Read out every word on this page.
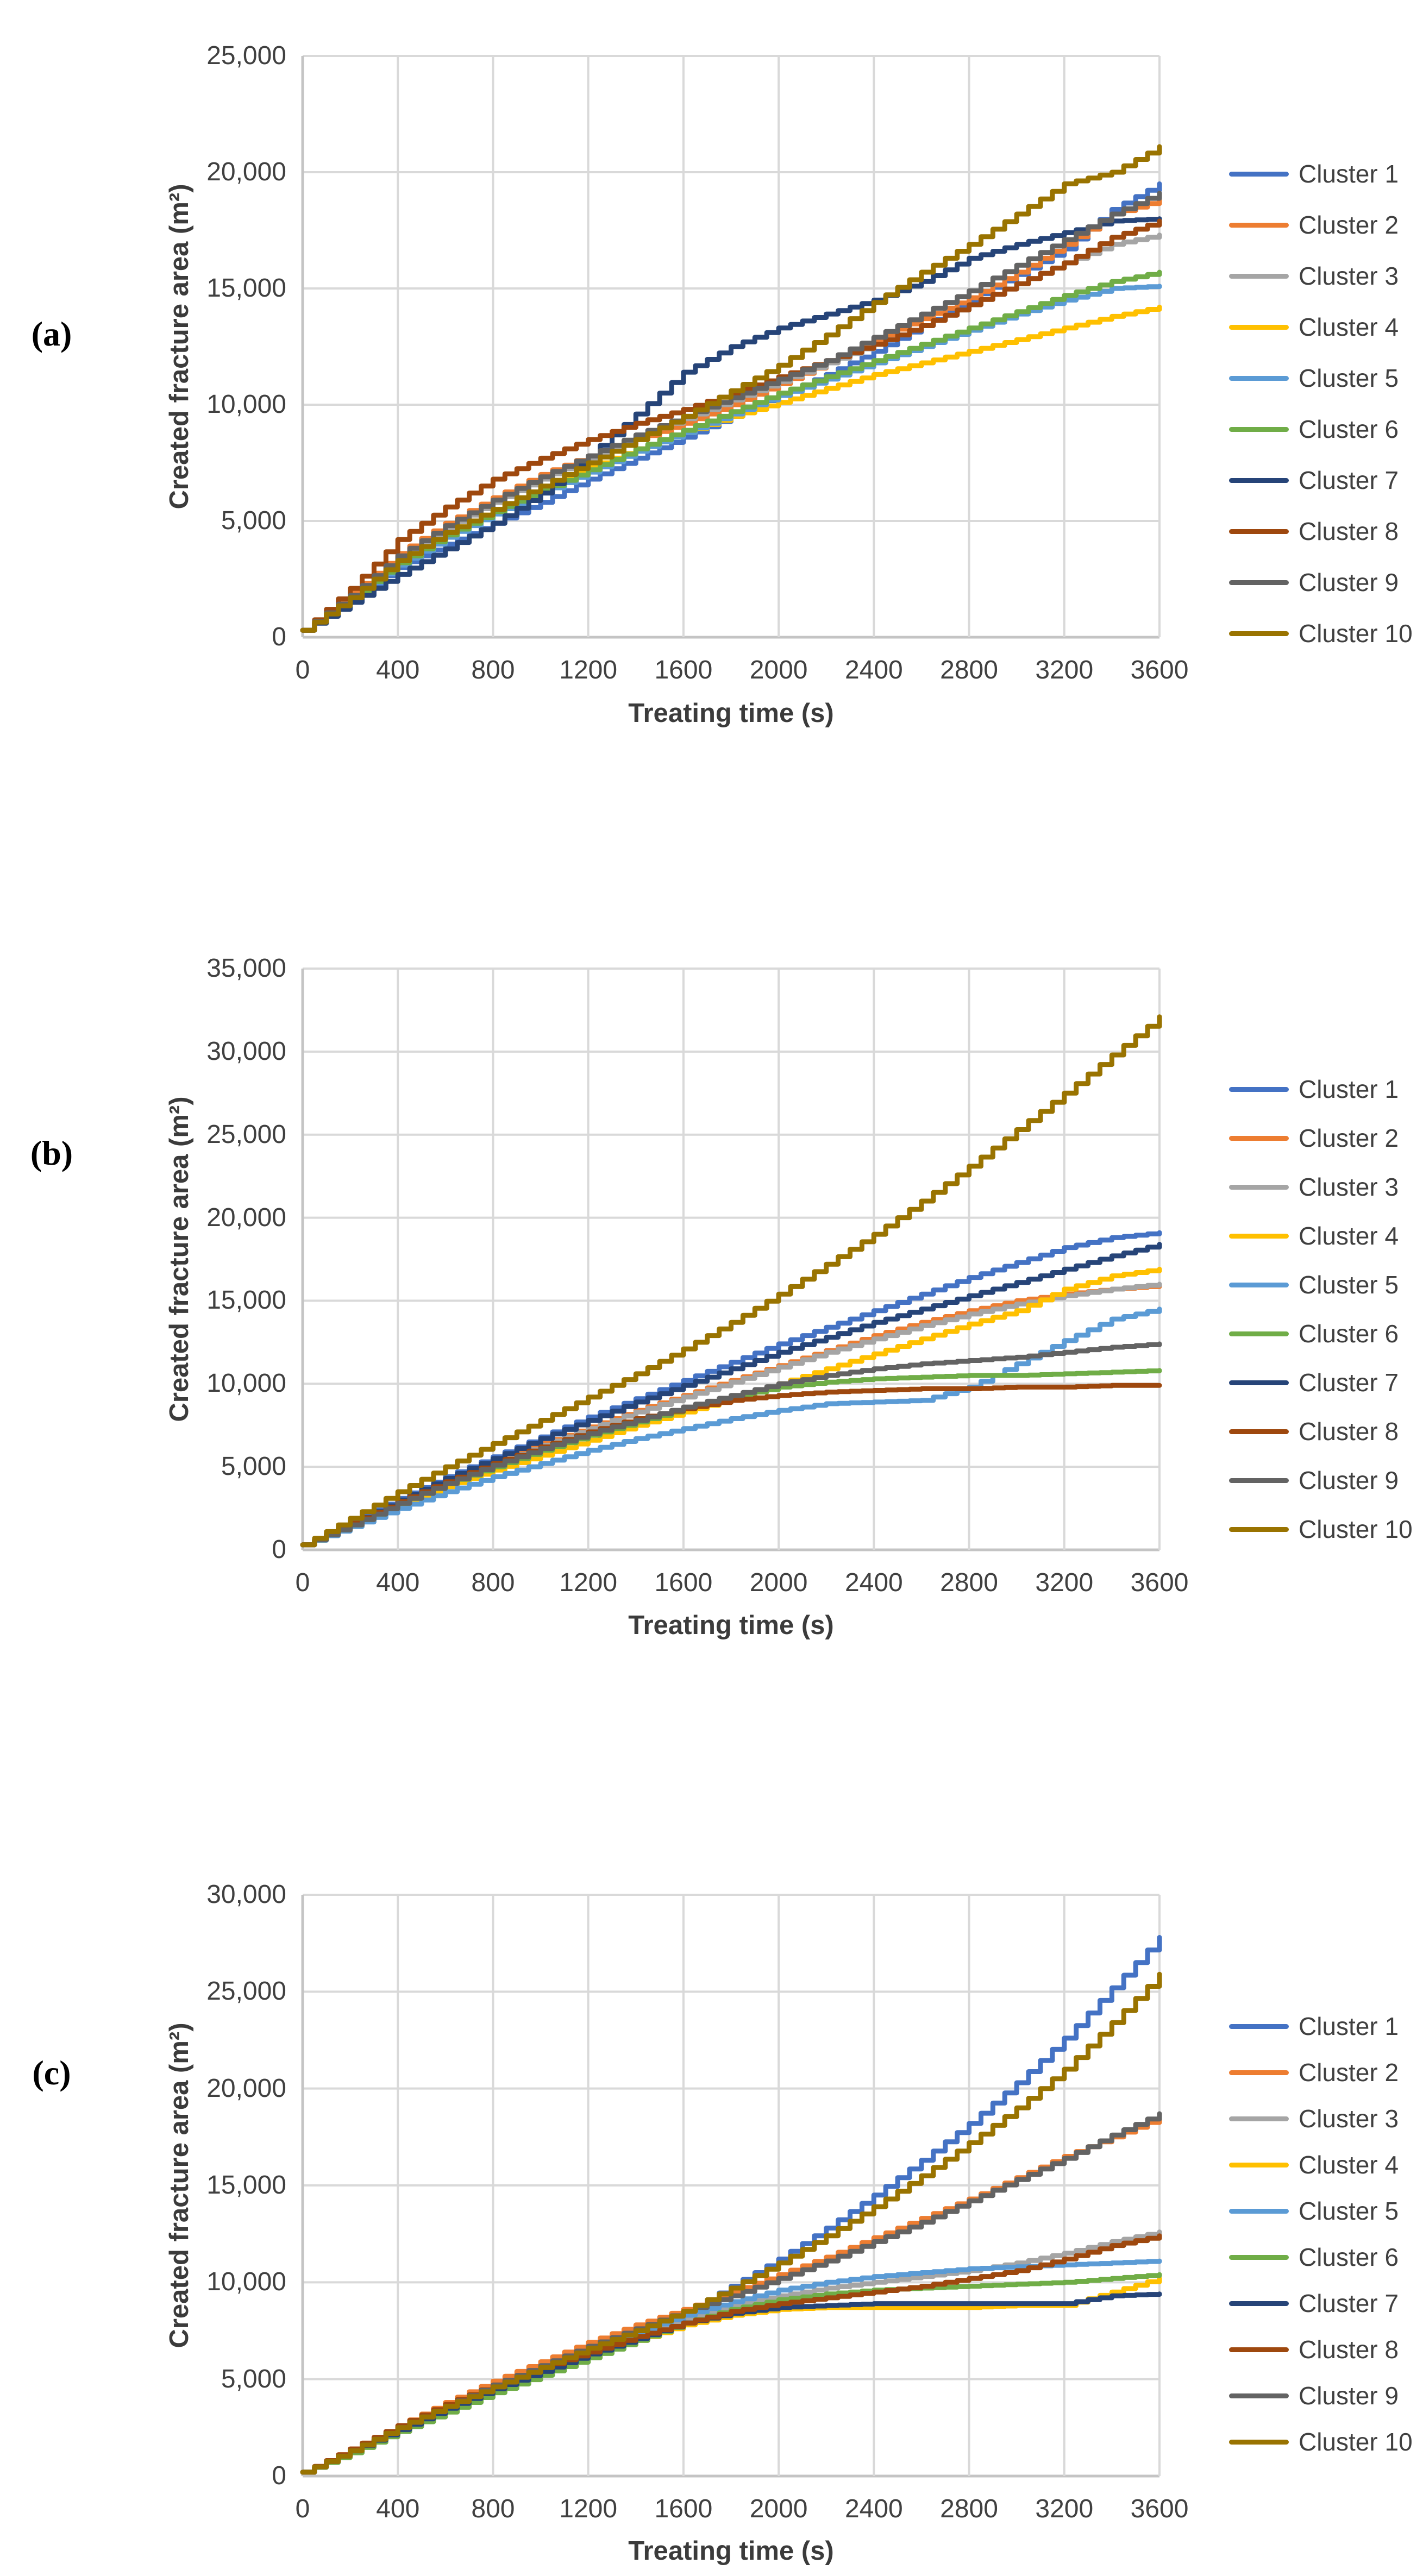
(a)	Created fracture area (m²)
Treating time (s)
25,000
20,000
15,000
10,000
5,000
0
0	400	800	1200	1600	2000	2400	2800	3200	3600
Cluster 1
Cluster 2
Cluster 3
Cluster 4
Cluster 5
Cluster 6
Cluster 7
Cluster 8
Cluster 9
Cluster 10
(b)	Created fracture area (m²)
Treating time (s)
35,000
30,000
25,000
20,000
15,000
10,000
5,000
0
0	400	800	1200	1600	2000	2400	2800	3200	3600
Cluster 1
Cluster 2
Cluster 3
Cluster 4
Cluster 5
Cluster 6
Cluster 7
Cluster 8
Cluster 9
Cluster 10
(c)	Created fracture area (m²)
Treating time (s)
30,000
25,000
20,000
15,000
10,000
5,000
0
0	400	800	1200	1600	2000	2400	2800	3200	3600
Cluster 1
Cluster 2
Cluster 3
Cluster 4
Cluster 5
Cluster 6
Cluster 7
Cluster 8
Cluster 9
Cluster 10
